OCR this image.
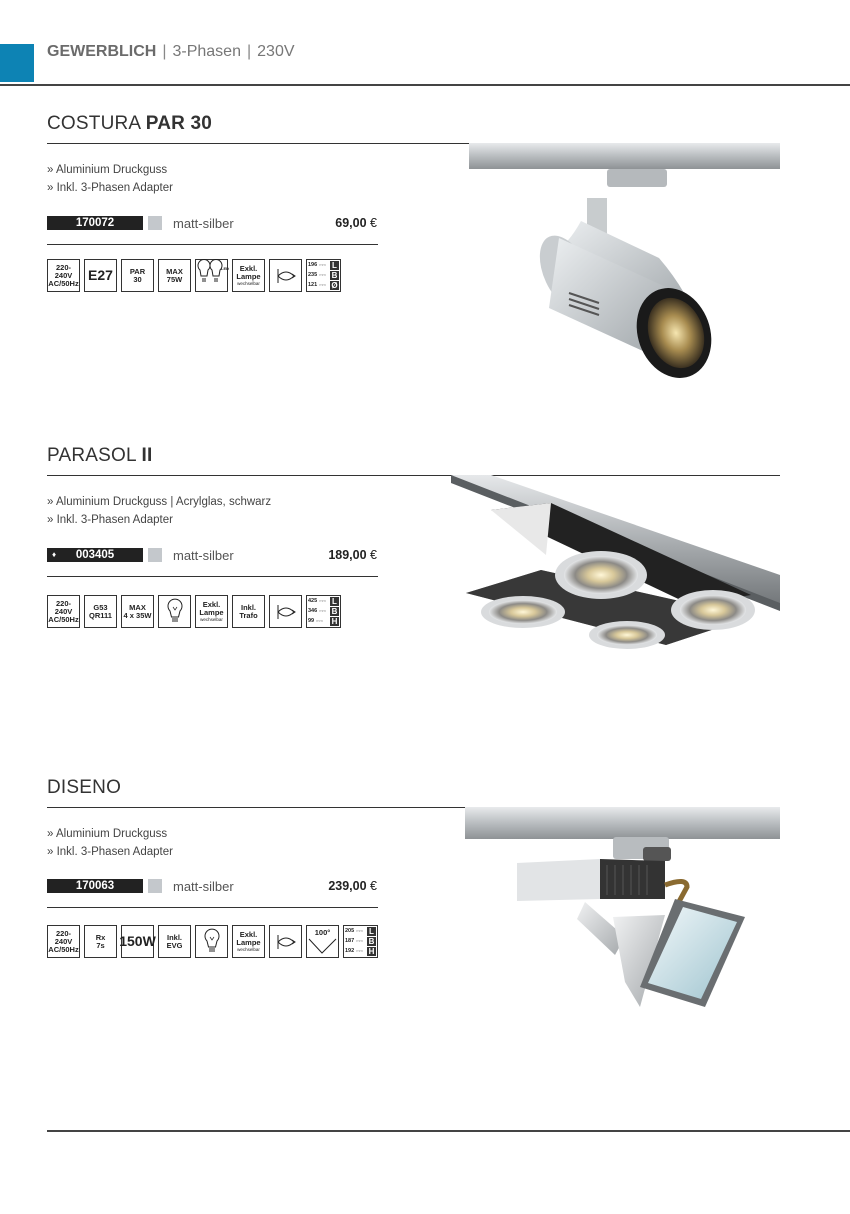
GEWERBLICH | 3-Phasen | 230V
COSTURA PAR 30
» Aluminium Druckguss
» Inkl. 3-Phasen Adapter
170072	matt-silber	69,00 €
220-240V
AC/50Hz E27 PAR
30
MAX
75W
LED Exkl.
Lampe
wechselbar
196 mm
235 mm
121 mm
L
B
Ø
PARASOL II
» Aluminium Druckguss | Acrylglas, schwarz
» Inkl. 3-Phasen Adapter
♦ 003405	matt-silber	189,00 €
220-240V
AC/50Hz
G53
QR111
MAX
4 x 35W
Exkl.
Lampe
wechselbar
Inkl.
Trafo
425 mm
346 mm
99 mm
L
B
H
DISENO
» Aluminium Druckguss
» Inkl. 3-Phasen Adapter
170063	matt-silber	239,00 €
220-240V
AC/50Hz
Rx
7s 150W Inkl.
EVG
Exkl.
Lampe
wechselbar
100°	205 mm
187 mm
192 mm
L
B
H
